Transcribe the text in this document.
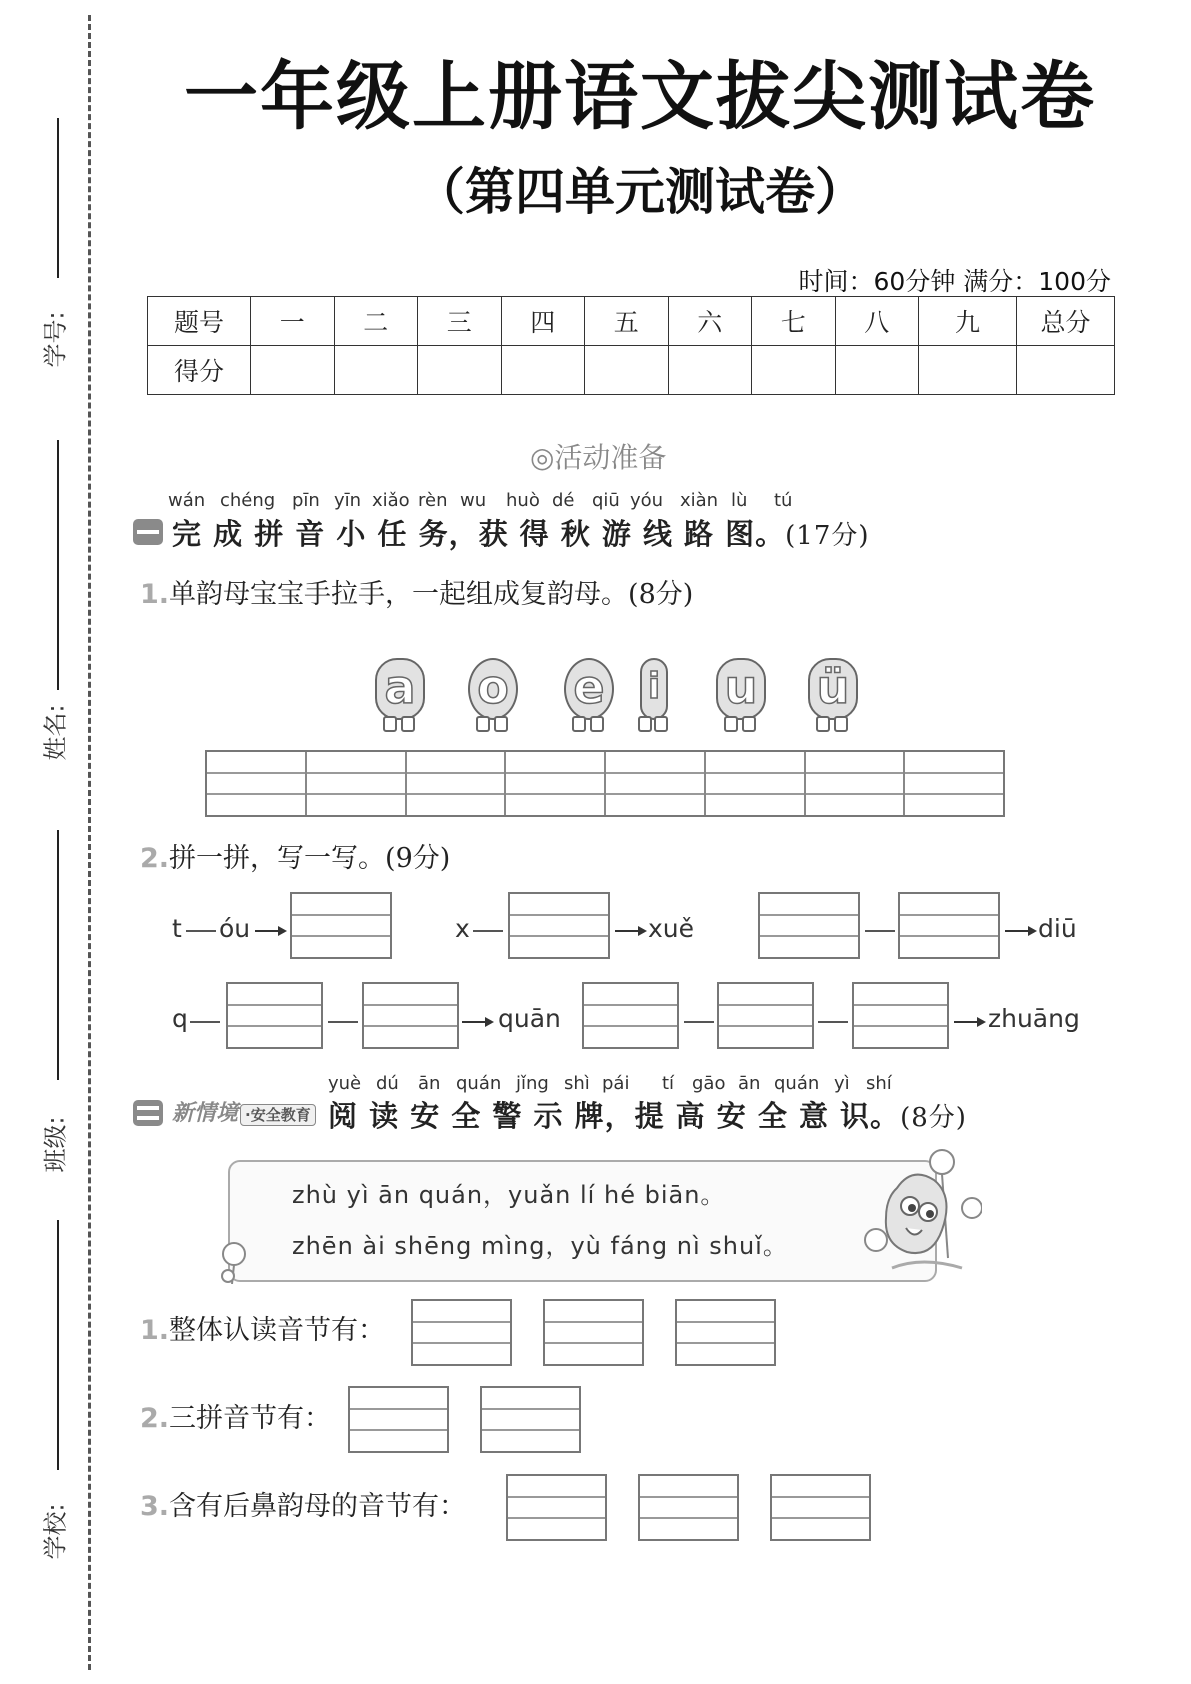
学号:
姓名:
班级:
学校:
一年级上册语文拔尖测试卷
（第四单元测试卷）
时间：60分钟 满分：100分
题号	一	二	三	四	五	六	七	八	九	总分
得分										
◎活动准备
wán chéng pīn yīn xiǎo rèn wu huò dé qiū yóu xiàn lù tú
完 成 拼 音 小 任 务，获 得 秋 游 线 路 图。(17分)
1.单韵母宝宝手拉手，一起组成复韵母。(8分)
a o e i u ü
2.拼一拼，写一写。(9分)
t óu	x	xuě	diū
q	quān	zhuāng
yuè dú ān quán jǐng shì pái tí gāo ān quán yì shí
新情境 ·安全教育 阅 读 安 全 警 示 牌，提 高 安 全 意 识。(8分)
zhù yì ān quán，yuǎn lí hé biān。
zhēn ài shēng mìng，yù fáng nì shuǐ。
1.整体认读音节有：
2.三拼音节有：
3.含有后鼻韵母的音节有：
